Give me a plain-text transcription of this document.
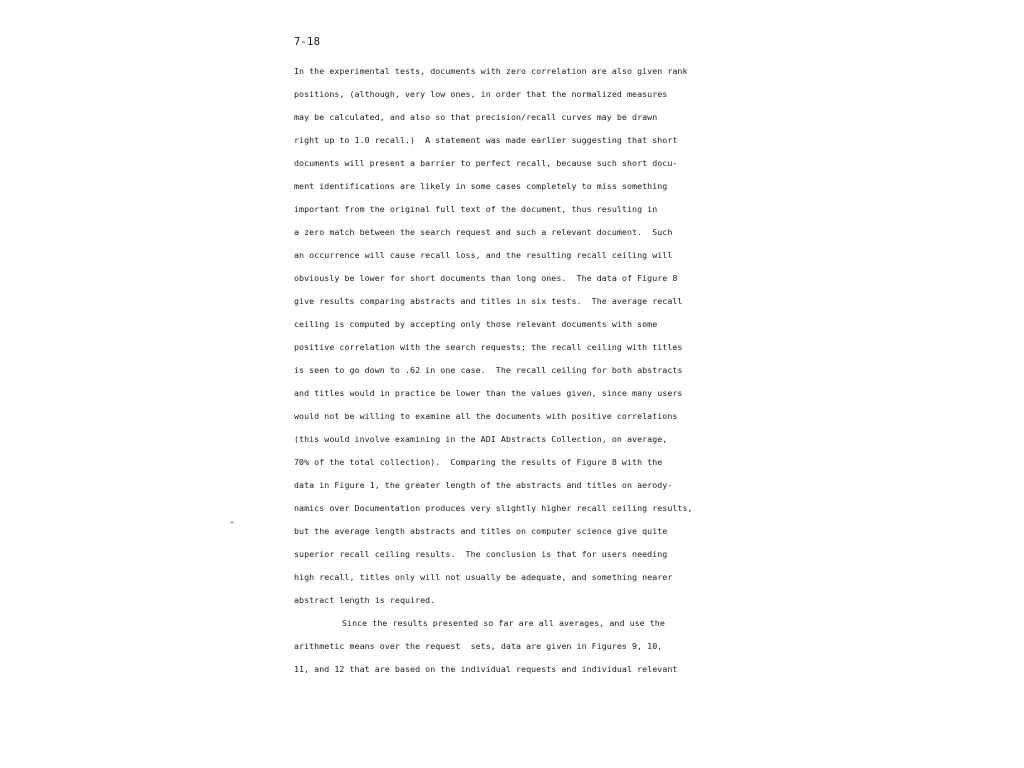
7-18
In the experimental tests, documents with zero correlation are also given rank
positions, (although, very low ones, in order that the normalized measures
may be calculated, and also so that precision/recall curves may be drawn
right up to 1.0 recall.)  A statement was made earlier suggesting that short
documents will present a barrier to perfect recall, because such short docu-
ment identifications are likely in some cases completely to miss something
important from the original full text of the document, thus resulting in
a zero match between the search request and such a relevant document.  Such
an occurrence will cause recall loss, and the resulting recall ceiling will
obviously be lower for short documents than long ones.  The data of Figure 8
give results comparing abstracts and titles in six tests.  The average recall
ceiling is computed by accepting only those relevant documents with some
positive correlation with the search requests; the recall ceiling with titles
is seen to go down to .62 in one case.  The recall ceiling for both abstracts
and titles would in practice be lower than the values given, since many users
would not be willing to examine all the documents with positive correlations
(this would involve examining in the ADI Abstracts Collection, on average,
70% of the total collection).  Comparing the results of Figure 8 with the
data in Figure 1, the greater length of the abstracts and titles on aerody-
namics over Documentation produces very slightly higher recall ceiling results,
but the average length abstracts and titles on computer science give quite
superior recall ceiling results.  The conclusion is that for users needing
high recall, titles only will not usually be adequate, and something nearer
abstract length is required.
Since the results presented so far are all averages, and use the
arithmetic means over the request  sets, data are given in Figures 9, 10,
11, and 12 that are based on the individual requests and individual relevant
^
